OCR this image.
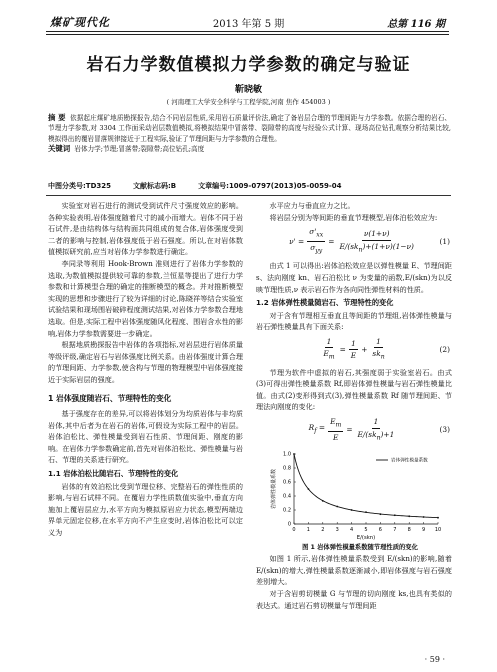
煤矿现代化	2013 年第 5 期	总第 116 期
岩石力学数值模拟力学参数的确定与验证
靳晓敏
( 河南理工大学安全科学与工程学院,河南 焦作 454003 )
摘 要 依据起庄煤矿地质勘探报告,结合不同岩层性质,采用岩石质量评价法,确定了备岩层合理的节理间距与力学参数。依据合理的岩石、节理力学参数,对 3304 工作面采动岩层数值模拟,将模拟结果中冒落带、裂隙带的高度与经验公式计算、现场高位钻孔观察分析结果比较,模拟得出的覆岩冒落规律接近于工程实际,验证了节理间距与力学参数的合理性。
关键词 岩体力学;节理;冒落带;裂隙带;高位钻孔;高度
中图分类号:TD325	文献标志码:B	文章编号:1009-0797(2013)05-0059-04

实验室对岩石进行的测试受到试件尺寸强度效应的影响。各种实验表明,岩体强度随着尺寸的减小而增大。岩体不同于岩石试件,是由结构体与结构面共同组成的复合体,岩体强度受到二者的影响与控制,岩体强度低于岩石强度。所以,在对岩体数值模拟研究前,应当对岩体力学参数进行确定。

李同录等利用 Hook-Brown 准则进行了岩体力学参数的选取,为数值模拟提供较可靠的参数,兰恒星等提出了进行力学参数和计算模型合理的确定的推断模型的概念。并对推断模型实现的思想和步骤进行了较为详细的讨论,陈晓祥等结合实验室试验结果和现场围岩破碎程度测试结果,对岩体力学参数合理地选取。但是,实际工程中岩体强度随风化程度、围岩含水性的影响,岩体力学参数需要进一步确定。

根据地质勘探报告中岩体的各项指标,对岩层进行岩体质量等级评级,确定岩石与岩体强度比例关系。由岩体强度计算合理的节理间距、力学参数,使含构与节理的物理模型中岩体强度接近于实际岩层的强度。

1 岩体强度随岩石、节理特性的变化

基于强度存在的差异,可以将岩体划分为均质岩体与非均质岩体,其中后者为在岩石的岩体,可假设为实际工程中的岩层。岩体泊松比、弹性模量受到岩石性质、节理间距、刚度的影响。在岩体力学参数确定前,首先对岩体泊松比、弹性模量与岩石、节理的关系进行研究。

1.1 岩体泊松比随岩石、节理特性的变化

岩体的有效泊松比受到节理位移、完整岩石的弹性性质的影响,与岩石试样不同。在覆岩力学性质数值实验中,垂直方向施加上覆岩层应力,水平方向为模拟原岩应力状态,模型两端边界单元固定位移,在水平方向不产生应变时,岩体泊松比可以定义为

水平应力与垂直应力之比。

将岩层分别为等间距的垂直节理模型,岩体泊松效应为:

$\nu' = \frac{\sigma'_{xx}}{\sigma_{yy}} = \frac{\nu(1+\nu)}{E/(sk_n)+(1+\nu)(1-\nu)}$	(1)

由式 1 可以得出:岩体泊松效应是以弹性模量 E、节理间距 s、法向刚度 kn、岩石泊松比 ν 为变量的函数,E/(skn)为以反映节理性质,ν 表示岩石作为各向同性弹性材料的性质。

1.2 岩体弹性模量随岩石、节理特性的变化

对于含有节理相互垂直且等间距的节理组,岩体弹性模量与岩石弹性模量具有下面关系:

$\frac{1}{E_m} = \frac{1}{E} + \frac{1}{sk_n}$	(2)

节理为软件中虚拟的岩石,其强度弱于实验室岩石。由式(3)可得出弹性模量系数 Rf,即岩体弹性模量与岩石弹性模量比值。由式(2)变形得到式(3),弹性模量系数 Rf 随节理间距、节理法向刚度的变化:

$R_f = \frac{E_m}{E} = \frac{1}{E/(sk_n)+1}$	(3)
0 1 2 3 4 5 6 7 8 9 10
0
0.2
0.4
0.6
0.8
1.0
E/(skn)
岩体弹性模量系数
岩体弹性模量系数

图 1 岩体弹性模量系数随节理性质的变化

如图 1 所示,岩体弹性模量系数受到 E/(skn)的影响,随着 E/(skn)的增大,弹性模量系数逐渐减小,即岩体强度与岩石强度差别增大。

对于含岩剪切模量 G 与节理的切向刚度 ks,也具有类似的表达式。通过岩石剪切模量与节理间距

· 59 ·
